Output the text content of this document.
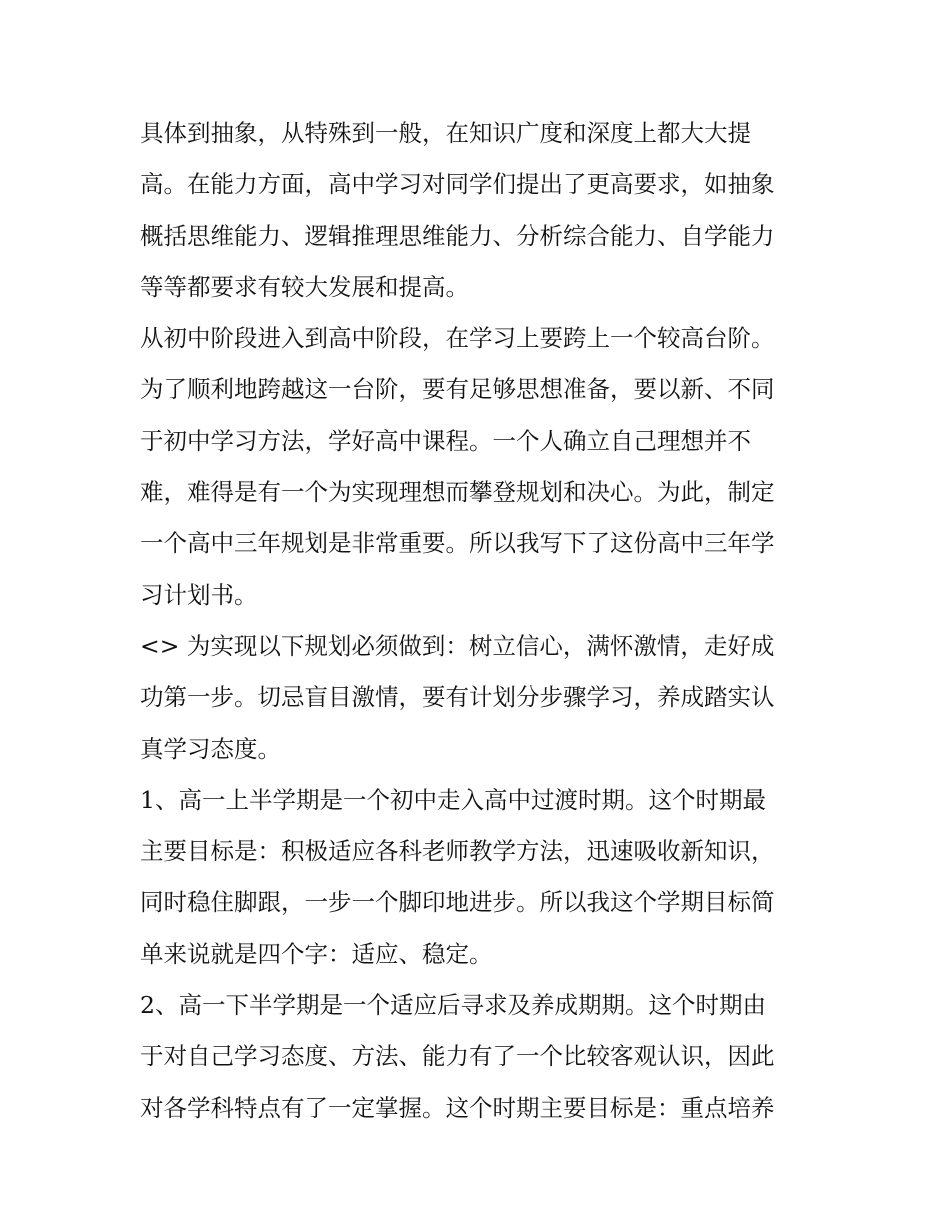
具体到抽象，从特殊到一般，在知识广度和深度上都大大提
高。在能力方面，高中学习对同学们提出了更高要求，如抽象
概括思维能力、逻辑推理思维能力、分析综合能力、自学能力
等等都要求有较大发展和提高。
从初中阶段进入到高中阶段，在学习上要跨上一个较高台阶。
为了顺利地跨越这一台阶，要有足够思想准备，要以新、不同
于初中学习方法，学好高中课程。一个人确立自己理想并不
难，难得是有一个为实现理想而攀登规划和决心。为此，制定
一个高中三年规划是非常重要。所以我写下了这份高中三年学
习计划书。
<> 为实现以下规划必须做到：树立信心，满怀激情，走好成
功第一步。切忌盲目激情，要有计划分步骤学习，养成踏实认
真学习态度。
1、高一上半学期是一个初中走入高中过渡时期。这个时期最
主要目标是：积极适应各科老师教学方法，迅速吸收新知识，
同时稳住脚跟，一步一个脚印地进步。所以我这个学期目标简
单来说就是四个字：适应、稳定。
2、高一下半学期是一个适应后寻求及养成期期。这个时期由
于对自己学习态度、方法、能力有了一个比较客观认识，因此
对各学科特点有了一定掌握。这个时期主要目标是：重点培养
